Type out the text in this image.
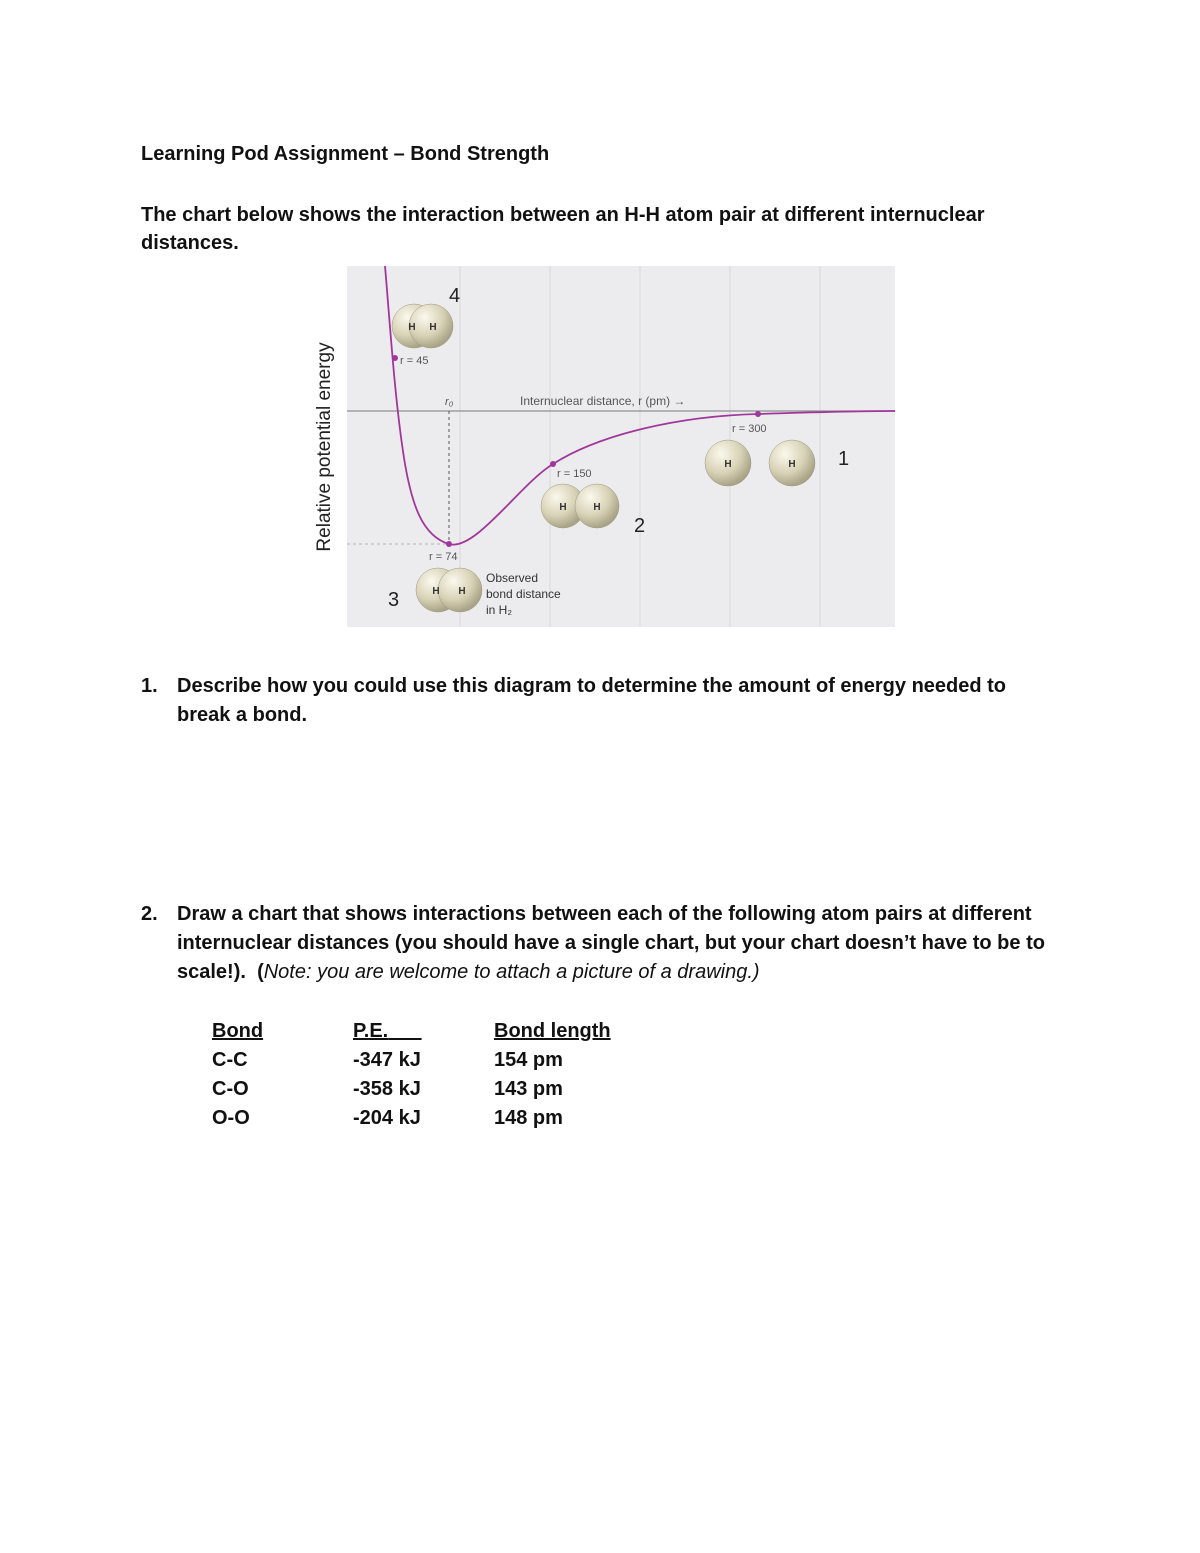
Learning Pod Assignment – Bond Strength
The chart below shows the interaction between an H-H atom pair at different internuclear distances.
Relative potential energy	Internuclear distance, r (pm) →
r₀
r = 45
r = 74
r = 150
r = 300
4
3
2
1
H H
H H
Observed
bond distance
in H₂
H	H
H	H
1. Describe how you could use this diagram to determine the amount of energy needed to break a bond.
2. Draw a chart that shows interactions between each of the following atom pairs at different internuclear distances (you should have a single chart, but your chart doesn’t have to be to scale!). (Note: you are welcome to attach a picture of a drawing.)
Bond	P.E.	Bond length
C-C	-347 kJ	154 pm
C-O	-358 kJ	143 pm
O-O	-204 kJ	148 pm
